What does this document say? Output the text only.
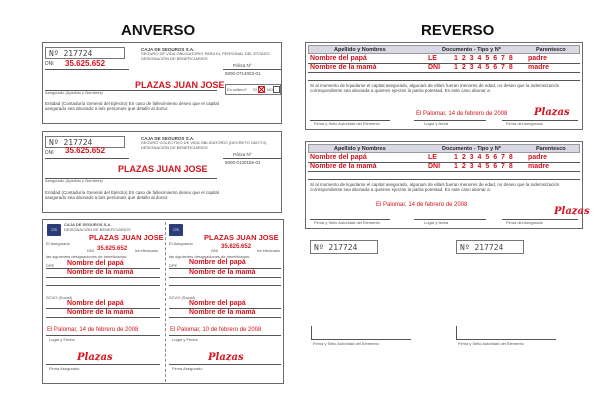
ANVERSO	REVERSO
Nº 217724
DNI 35.625.652
CAJA DE SEGUROS S.A.
SEGURO DE VIDA OBLIGATORIO PARA EL PERSONAL DEL ESTADO
DESIGNACIÓN DE BENEFICIARIOS
Póliza Nº
5000-0714003-01
PLAZAS JUAN JOSE
Asegurado (Apellido y Nombres)
Es soltero? SI	NO
Entidad (Contaduría General del Ejército) En caso de fallecimiento deseo que el capital asegurado sea abonado a la/s persona/s que detallo al dorso:
Nº 217724
DNI 35.625.652
CAJA DE SEGUROS S.A.
SEGURO COLECTIVO DE VIDA OBLIGATORIO (DECRETO 1567/74)
DESIGNACIÓN DE BENEFICIARIOS
Póliza Nº
5000-0130165-01
PLAZAS JUAN JOSE
Asegurado (Apellido y Nombres)
Entidad (Contaduría General del Ejército) En caso de fallecimiento deseo que el capital asegurado sea abonado a la/s persona/s que detallo al dorso:
CS
CAJA DE SEGUROS S.A.
DESIGNACIÓN DE BENEFICIARIOS
PLAZAS JUAN JOSE
El Asegurado
DNI 35.625.652 ha efectuado
las siguientes designaciones de beneficiarios:
DPE Nombre del papá
Nombre de la mamá
SCVO (Social)
Nombre del papá
Nombre de la mamá
El Palomar, 14 de febrero de 2008
Lugar y Fecha
Plazas
Firma Asegurado
CS
PLAZAS JUAN JOSE
El Asegurado
DNI
35.625.652
ha efectuado
las siguientes designaciones de beneficiarios:
DPE Nombre del papá
Nombre de la mamá
SCVO (Social)
Nombre del papá
Nombre de la mamá
El Palomar, 10 de febrero de 2008
Lugar y Fecha
Plazas
Firma Asegurado
Apellido y Nombres	Documento - Tipo y Nº	Parentesco
Nombre del papá	LE 1 2 3 4 5 6 7 8 padre
Nombre de la mamá	DNI 1 2 3 4 5 6 7 8 madre
Si al momento de liquidarse el capital asegurado, alguna/s de ella/s fueran menores de edad, no deseo que la indemnización correspondiente sea abonada a quienes ejerzan la patria potestad. En este caso abonar a:
El Palomar, 14 de febrero de 2008	Plazas
Firma y Sello Autoridad del Elemento	Lugar y fecha	Firma del Asegurado
Apellido y Nombres	Documento - Tipo y Nº	Parentesco
Nombre del papá	LE 1 2 3 4 5 6 7 8 padre
Nombre de la mamá	DNI 1 2 3 4 5 6 7 8 madre
Si al momento de liquidarse el capital asegurado, alguna/s de ella/s fueran menores de edad, no deseo que la indemnización correspondiente sea abonada a quienes ejerzan la patria potestad. En este caso abonar a:
El Palomar, 14 de febrero de 2008
Plazas
Firma y Sello Autoridad del Elemento	Lugar y fecha	Firma del Asegurado
Nº 217724	Nº 217724
Firma y Sello Autoridad del Elemento	Firma y Sello Autoridad del Elemento
